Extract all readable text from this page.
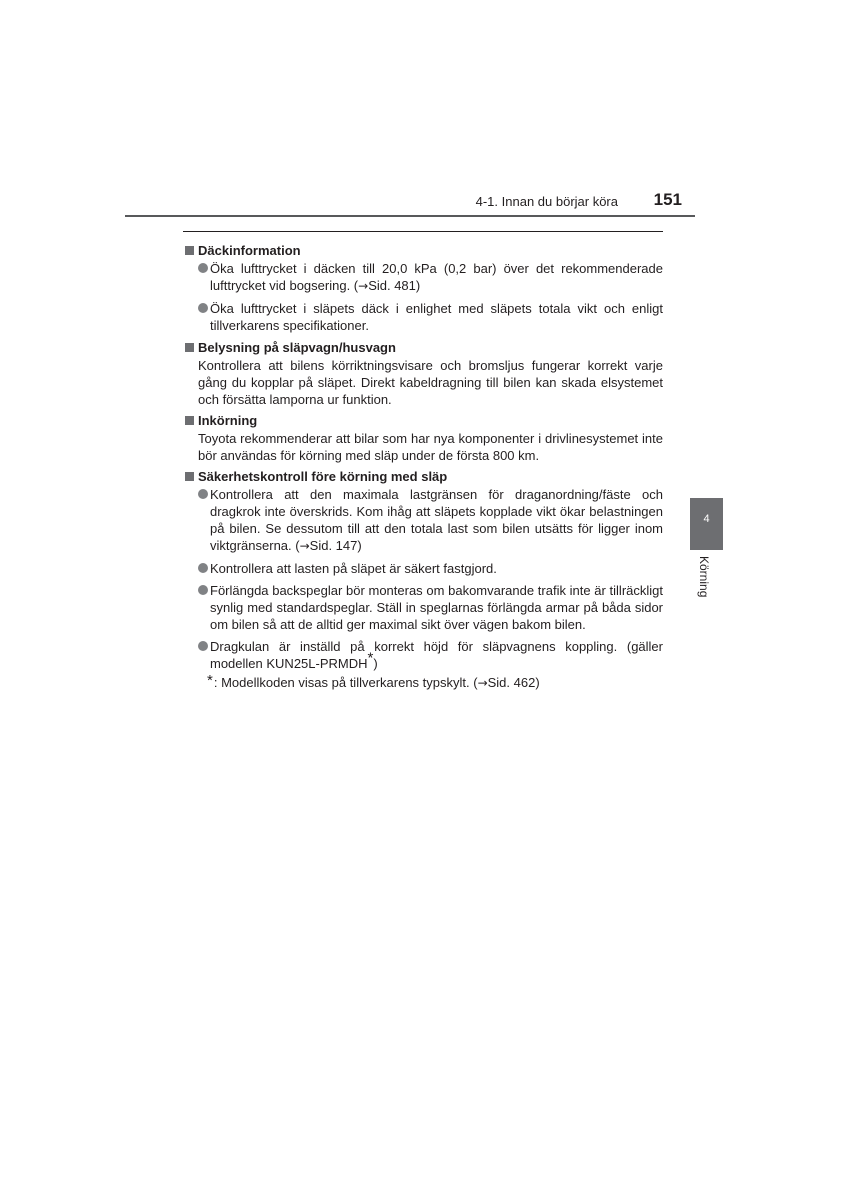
4-1. Innan du börjar köra 151
Däckinformation
Öka lufttrycket i däcken till 20,0 kPa (0,2 bar) över det rekommenderade lufttrycket vid bogsering. (→Sid. 481)
Öka lufttrycket i släpets däck i enlighet med släpets totala vikt och enligt tillverkarens specifikationer.
Belysning på släpvagn/husvagn
Kontrollera att bilens körriktningsvisare och bromsljus fungerar korrekt varje gång du kopplar på släpet. Direkt kabeldragning till bilen kan skada elsystemet och försätta lamporna ur funktion.
Inkörning
Toyota rekommenderar att bilar som har nya komponenter i drivlinesystemet inte bör användas för körning med släp under de första 800 km.
Säkerhetskontroll före körning med släp
Kontrollera att den maximala lastgränsen för draganordning/fäste och dragkrok inte överskrids. Kom ihåg att släpets kopplade vikt ökar belastningen på bilen. Se dessutom till att den totala last som bilen utsätts för ligger inom viktgränserna. (→Sid. 147)
Kontrollera att lasten på släpet är säkert fastgjord.
Förlängda backspeglar bör monteras om bakomvarande trafik inte är tillräckligt synlig med standardspeglar. Ställ in speglarnas förlängda armar på båda sidor om bilen så att de alltid ger maximal sikt över vägen bakom bilen.
Dragkulan är inställd på korrekt höjd för släpvagnens koppling. (gäller modellen KUN25L-PRMDH*)
* : Modellkoden visas på tillverkarens typskylt. (→Sid. 462)
4
Körning
